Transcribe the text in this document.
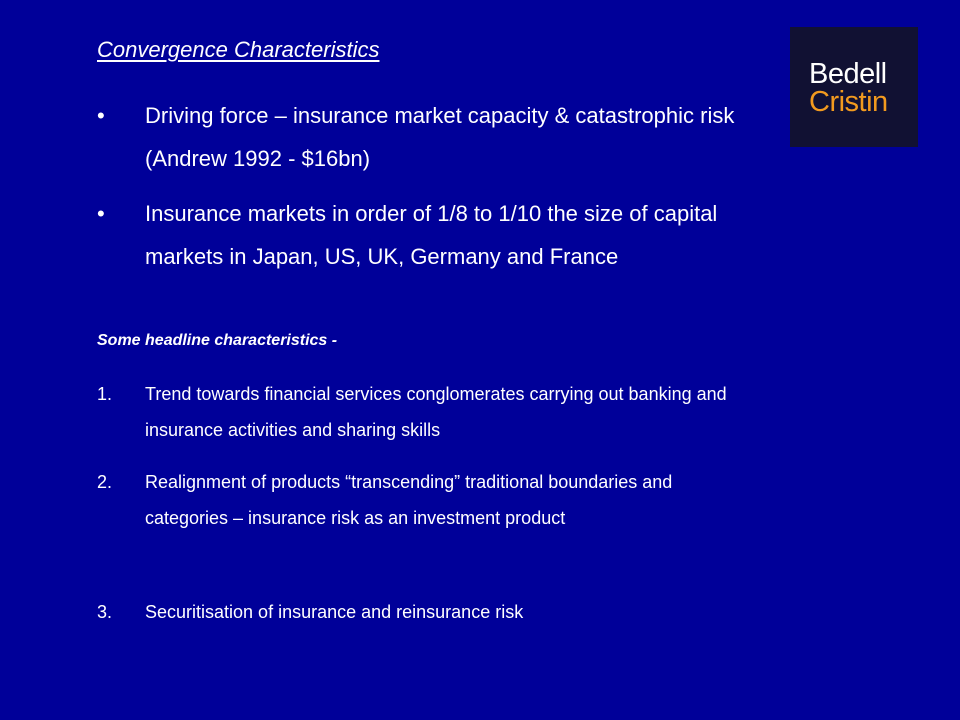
Bedell
Cristin
Convergence Characteristics
• Driving force – insurance market capacity & catastrophic risk (Andrew 1992 - $16bn)
• Insurance markets in order of 1/8 to 1/10 the size of capital markets in Japan, US, UK, Germany and France
Some headline characteristics -
1. Trend towards financial services conglomerates carrying out banking and insurance activities and sharing skills
2. Realignment of products “transcending” traditional boundaries and categories – insurance risk as an investment product
3. Securitisation of insurance and reinsurance risk
